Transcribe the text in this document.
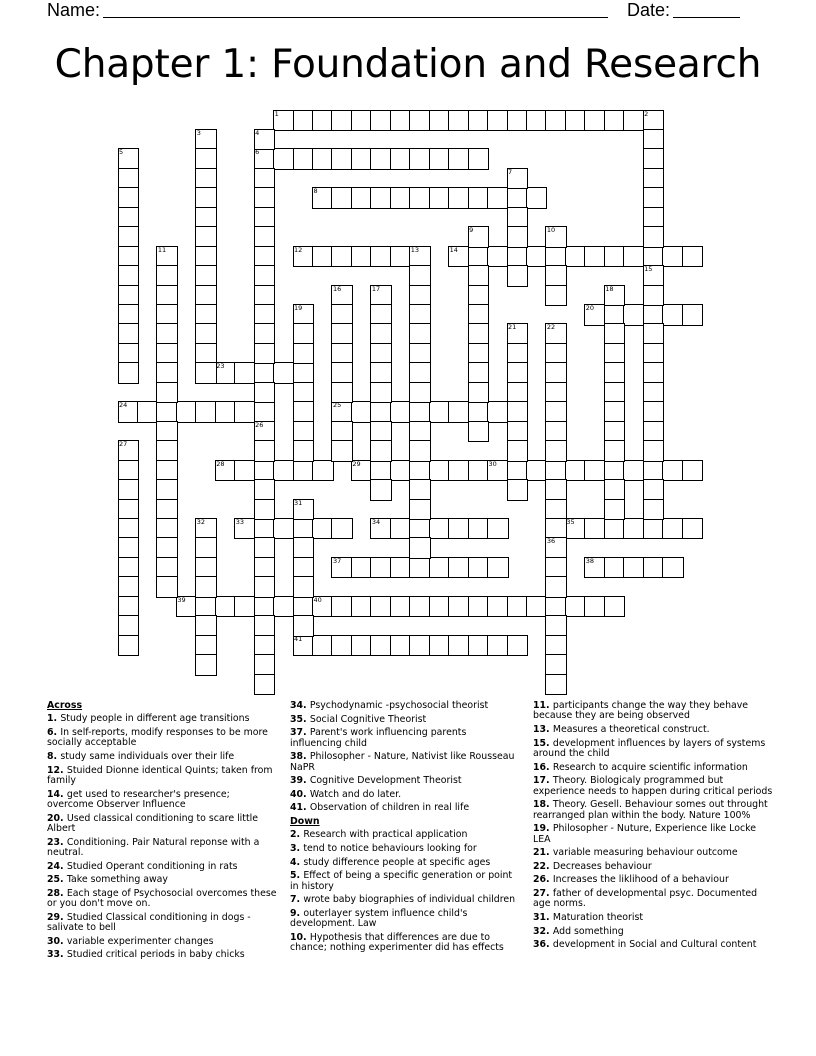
Name:	Date:
Chapter 1: Foundation and Research
1
6
8
12	14
20
23
24	25
28	29	30
33	34	35
37	38
39	40
41
2
3	4
5
7
9	10
11	13
15
16	17	18
19
21	22
26
27
31
32
36
Across
1. Study people in different age transitions
6. In self-reports, modify responses to be more socially acceptable
8. study same individuals over their life
12. Stuided Dionne identical Quints; taken from family
14. get used to researcher's presence; overcome Observer Influence
20. Used classical conditioning to scare little Albert
23. Conditioning. Pair Natural reponse with a neutral.
24. Studied Operant conditioning in rats
25. Take something away
28. Each stage of Psychosocial overcomes these or you don't move on.
29. Studied Classical conditioning in dogs - salivate to bell
30. variable experimenter changes
33. Studied critical periods in baby chicks
34. Psychodynamic -psychosocial theorist
35. Social Cognitive Theorist
37. Parent's work influencing parents influencing child
38. Philosopher - Nature, Nativist like Rousseau NaPR
39. Cognitive Development Theorist
40. Watch and do later.
41. Observation of children in real life
Down
2. Research with practical application
3. tend to notice behaviours looking for
4. study difference people at specific ages
5. Effect of being a specific generation or point in history
7. wrote baby biographies of individual children
9. outerlayer system influence child's development. Law
10. Hypothesis that differences are due to chance; nothing experimenter did has effects
11. participants change the way they behave because they are being observed
13. Measures a theoretical construct.
15. development influences by layers of systems around the child
16. Research to acquire scientific information
17. Theory. Biologicaly programmed but experience needs to happen during critical periods
18. Theory. Gesell. Behaviour somes out throught rearranged plan within the body. Nature 100%
19. Philosopher - Nuture, Experience like Locke LEA
21. variable measuring behaviour outcome
22. Decreases behaviour
26. Increases the liklihood of a behaviour
27. father of developmental psyc. Documented age norms.
31. Maturation theorist
32. Add something
36. development in Social and Cultural content
